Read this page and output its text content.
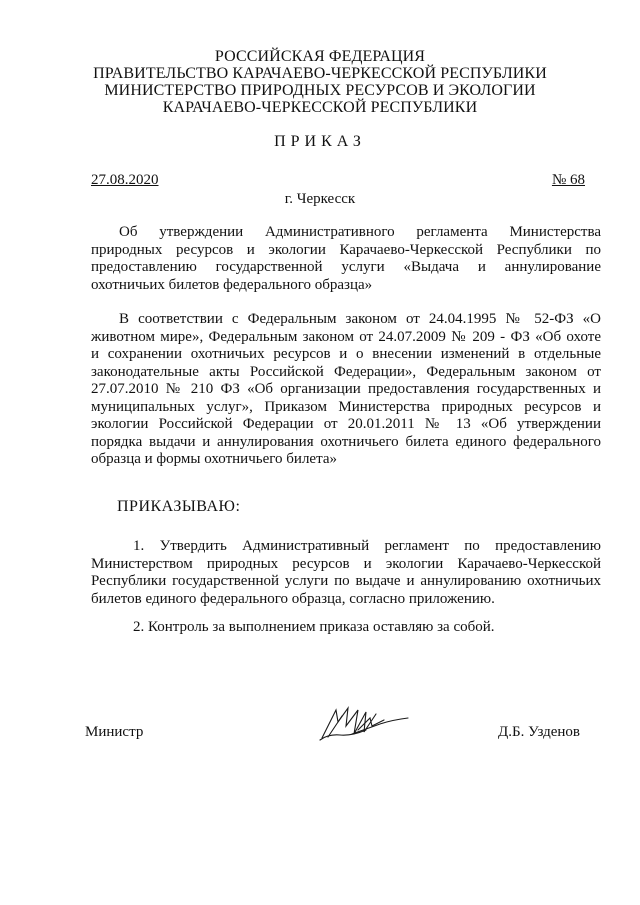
РОССИЙСКАЯ ФЕДЕРАЦИЯ
ПРАВИТЕЛЬСТВО КАРАЧАЕВО-ЧЕРКЕССКОЙ РЕСПУБЛИКИ
МИНИСТЕРСТВО ПРИРОДНЫХ РЕСУРСОВ И ЭКОЛОГИИ
КАРАЧАЕВО-ЧЕРКЕССКОЙ РЕСПУБЛИКИ
ПРИКАЗ
27.08.2020	№ 68
г. Черкесск
Об утверждении Административного регламента Министерства
природных ресурсов и экологии Карачаево-Черкесской Республики по
предоставлению государственной услуги «Выдача и аннулирование
охотничьих билетов федерального образца»
В соответствии с Федеральным законом от 24.04.1995 № 52-ФЗ «О
животном мире», Федеральным законом от 24.07.2009 № 209 - ФЗ «Об охоте
и сохранении охотничьих ресурсов и о внесении изменений в отдельные
законодательные акты Российской Федерации», Федеральным законом от
27.07.2010 № 210 ФЗ «Об организации предоставления государственных и
муниципальных услуг», Приказом Министерства природных ресурсов и
экологии Российской Федерации от 20.01.2011 № 13 «Об утверждении
порядка выдачи и аннулирования охотничьего билета единого федерального
образца и формы охотничьего билета»
ПРИКАЗЫВАЮ:
1. Утвердить Административный регламент по предоставлению
Министерством природных ресурсов и экологии Карачаево-Черкесской
Республики государственной услуги по выдаче и аннулированию охотничьих
билетов единого федерального образца, согласно приложению.
2. Контроль за выполнением приказа оставляю за собой.
Министр	Д.Б. Узденов
